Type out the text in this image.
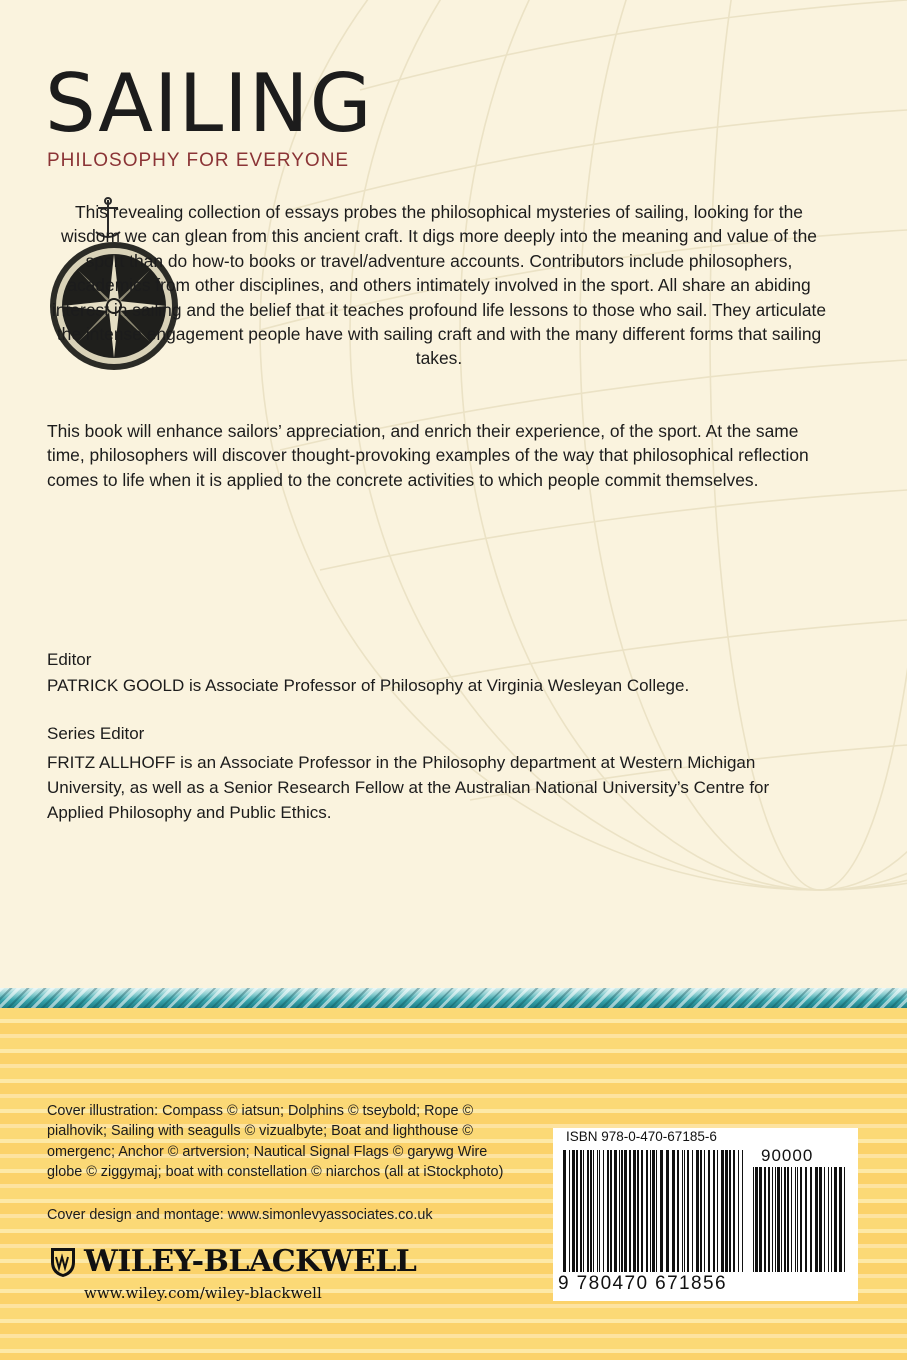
SAILING

PHILOSOPHY FOR EVERYONE

This revealing collection of essays probes the philosophical mysteries of sailing, looking for the wisdom we can glean from this ancient craft. It digs more deeply into the meaning and value of the sport than do how-to books or travel/adventure accounts. Contributors include philosophers, academics from other disciplines, and others intimately involved in the sport. All share an abiding interest in sailing and the belief that it teaches profound life lessons to those who sail. They articulate the intense engagement people have with sailing craft and with the many different forms that sailing takes.

This book will enhance sailors’ appreciation, and enrich their experience, of the sport. At the same time, philosophers will discover thought-provoking examples of the way that philosophical reflection comes to life when it is applied to the concrete activities to which people commit themselves.

Editor

PATRICK GOOLD is Associate Professor of Philosophy at Virginia Wesleyan College.

Series Editor

FRITZ ALLHOFF is an Associate Professor in the Philosophy department at Western Michigan University, as well as a Senior Research Fellow at the Australian National University’s Centre for Applied Philosophy and Public Ethics.

Cover illustration: Compass © iatsun; Dolphins © tseybold; Rope © pialhovik; Sailing with seagulls © vizualbyte; Boat and lighthouse © omergenc; Anchor © artversion; Nautical Signal Flags © garywg Wire globe © ziggymaj; boat with constellation © niarchos (all at iStockphoto)

Cover design and montage: www.simonlevyassociates.co.uk

WILEY-BLACKWELL

www.wiley.com/wiley-blackwell

ISBN 978-0-470-67185-6

90000

9 780470 671856
